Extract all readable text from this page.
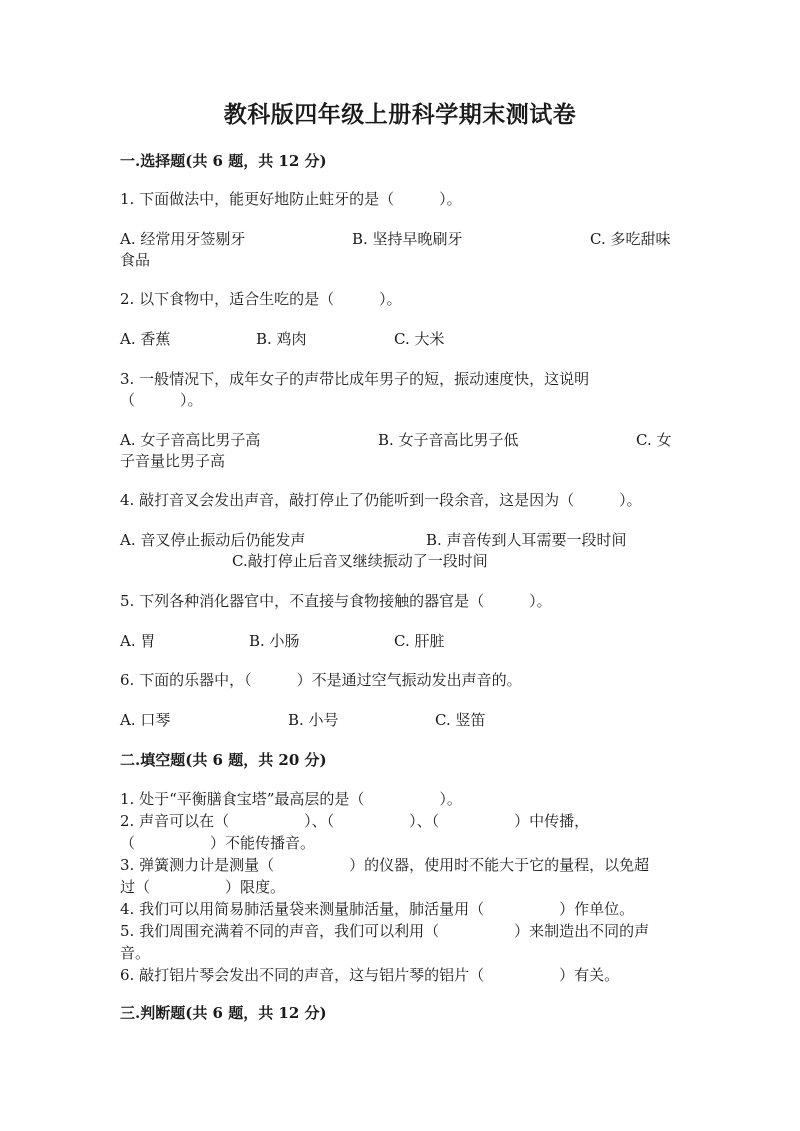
教科版四年级上册科学期末测试卷
一.选择题(共 6 题，共 12 分)
1. 下面做法中，能更好地防止蛀牙的是（　　　）。
A. 经常用牙签剔牙	B. 坚持早晚刷牙	C. 多吃甜味
食品
2. 以下食物中，适合生吃的是（　　　）。
A. 香蕉	B. 鸡肉	C. 大米
3. 一般情况下，成年女子的声带比成年男子的短，振动速度快，这说明
（　　　）。
A. 女子音高比男子高	B. 女子音高比男子低	C. 女
子音量比男子高
4. 敲打音叉会发出声音，敲打停止了仍能听到一段余音，这是因为（　　　）。
A. 音叉停止振动后仍能发声	B. 声音传到人耳需要一段时间
C.敲打停止后音叉继续振动了一段时间
5. 下列各种消化器官中，不直接与食物接触的器官是（　　　）。
A. 胃	B. 小肠	C. 肝脏
6. 下面的乐器中，（　　　）不是通过空气振动发出声音的。
A. 口琴	B. 小号	C. 竖笛
二.填空题(共 6 题，共 20 分)
1. 处于“平衡膳食宝塔”最高层的是（　　　　　）。
2. 声音可以在（　　　　　）、（　　　　　）、（　　　　　）中传播，
（　　　　　）不能传播音。
3. 弹簧测力计是测量（　　　　　）的仪器，使用时不能大于它的量程，以免超
过（　　　　　）限度。
4. 我们可以用简易肺活量袋来测量肺活量，肺活量用（　　　　　）作单位。
5. 我们周围充满着不同的声音，我们可以利用（　　　　　）来制造出不同的声
音。
6. 敲打铝片琴会发出不同的声音，这与铝片琴的铝片（　　　　　）有关。
三.判断题(共 6 题，共 12 分)
